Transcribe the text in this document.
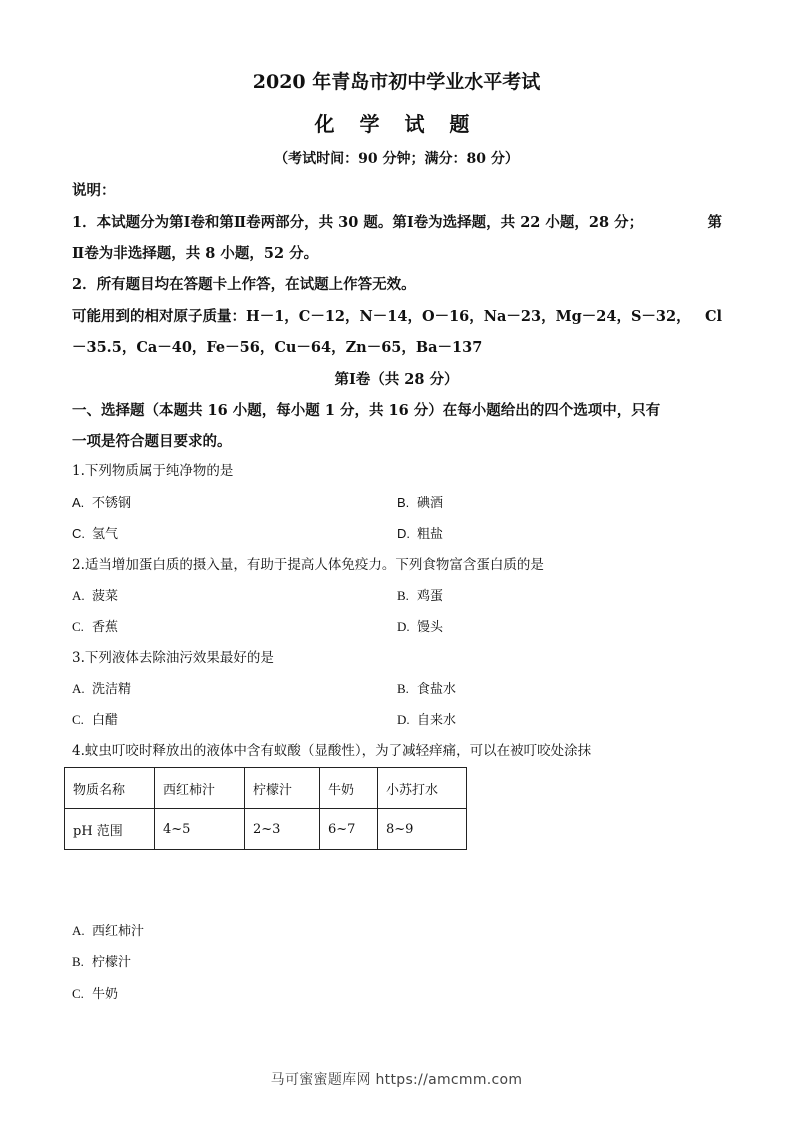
2020 年青岛市初中学业水平考试
化 学 试 题
（考试时间：90 分钟；满分：80 分）
说明：
1．本试题分为第Ⅰ卷和第Ⅱ卷两部分，共 30 题。第Ⅰ卷为选择题，共 22 小题，28 分；	第
Ⅱ卷为非选择题，共 8 小题，52 分。
2．所有题目均在答题卡上作答，在试题上作答无效。
可能用到的相对原子质量：H－1，C－12，N－14，O－16，Na－23，Mg－24，S－32， Cl
－35.5，Ca－40，Fe－56，Cu－64，Zn－65，Ba－137
第Ⅰ卷（共 28 分）
一、选择题（本题共 16 小题，每小题 1 分，共 16 分）在每小题给出的四个选项中，只有
一项是符合题目要求的。
1.下列物质属于纯净物的是
A. 不锈钢	B. 碘酒
C. 氢气	D. 粗盐
2.适当增加蛋白质的摄入量，有助于提高人体免疫力。下列食物富含蛋白质的是
A. 菠菜	B. 鸡蛋
C. 香蕉	D. 馒头
3.下列液体去除油污效果最好的是
A. 洗洁精	B. 食盐水
C. 白醋	D. 自来水
4.蚊虫叮咬时释放出的液体中含有蚁酸（显酸性），为了减轻痒痛，可以在被叮咬处涂抹
物质名称	西红柿汁	柠檬汁	牛奶	小苏打水
pH 范围	4~5	2~3	6~7	8~9
A. 西红柿汁
B. 柠檬汁
C. 牛奶
马可蜜蜜题库网 https://amcmm.com
